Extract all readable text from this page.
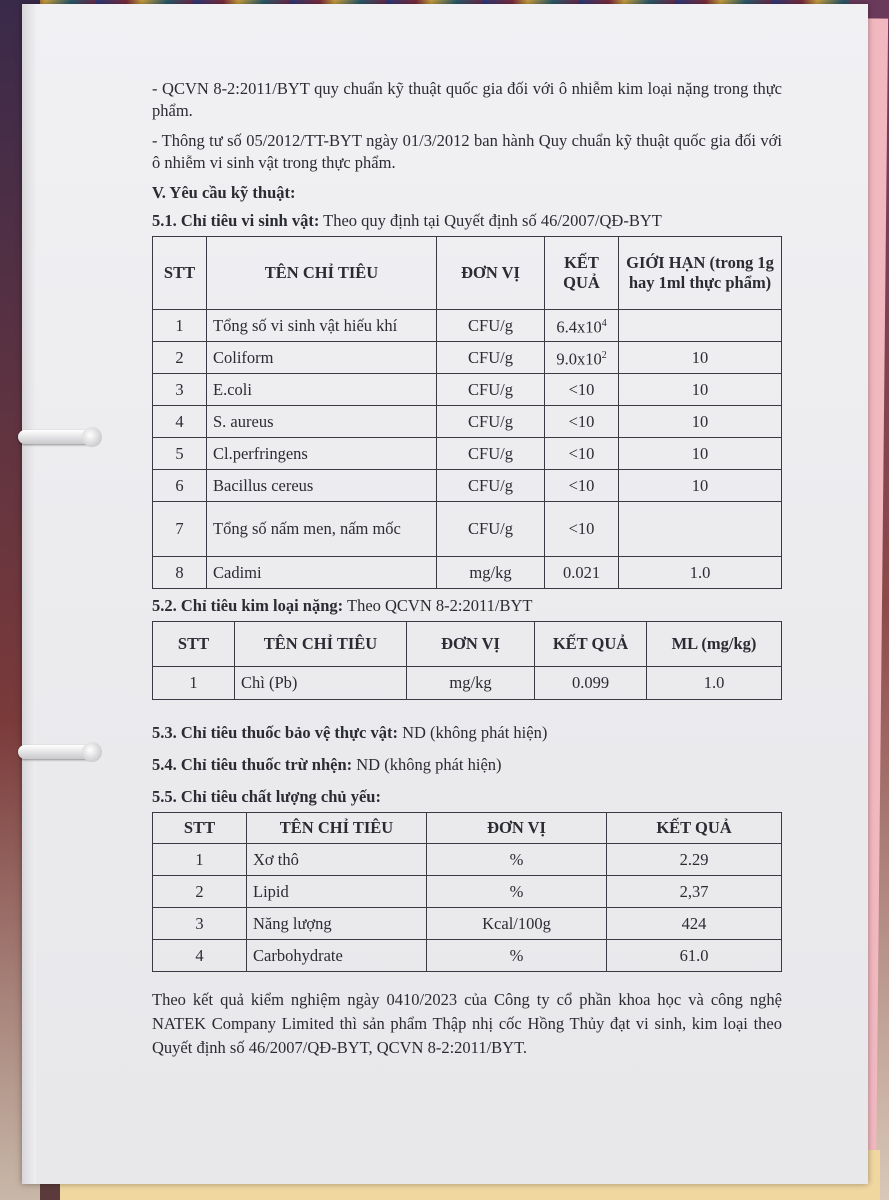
- QCVN 8-2:2011/BYT quy chuẩn kỹ thuật quốc gia đối với ô nhiễm kim loại nặng trong thực phẩm.

- Thông tư số 05/2012/TT-BYT ngày 01/3/2012 ban hành Quy chuẩn kỹ thuật quốc gia đối với ô nhiễm vi sinh vật trong thực phẩm.

V. Yêu cầu kỹ thuật:

5.1. Chỉ tiêu vi sinh vật: Theo quy định tại Quyết định số 46/2007/QĐ-BYT

STT	TÊN CHỈ TIÊU	ĐƠN VỊ	KẾT QUẢ	GIỚI HẠN (trong 1g hay 1ml thực phẩm)
1	Tổng số vi sinh vật hiếu khí	CFU/g	$6.4x10^4$	
2	Coliform	CFU/g	$9.0x10^2$	10
3	E.coli	CFU/g	<10	10
4	S. aureus	CFU/g	<10	10
5	Cl.perfringens	CFU/g	<10	10
6	Bacillus cereus	CFU/g	<10	10
7	Tổng số nấm men, nấm mốc	CFU/g	<10	
8	Cadimi	mg/kg	0.021	1.0

5.2. Chỉ tiêu kim loại nặng: Theo QCVN 8-2:2011/BYT

STT	TÊN CHỈ TIÊU	ĐƠN VỊ	KẾT QUẢ	ML (mg/kg)
1	Chì (Pb)	mg/kg	0.099	1.0

5.3. Chỉ tiêu thuốc bảo vệ thực vật: ND (không phát hiện)

5.4. Chỉ tiêu thuốc trừ nhện: ND (không phát hiện)

5.5. Chỉ tiêu chất lượng chủ yếu:

STT	TÊN CHỈ TIÊU	ĐƠN VỊ	KẾT QUẢ
1	Xơ thô	%	2.29
2	Lipid	%	2,37
3	Năng lượng	Kcal/100g	424
4	Carbohydrate	%	61.0

Theo kết quả kiểm nghiệm ngày 0410/2023 của Công ty cổ phần khoa học và công nghệ NATEK Company Limited thì sản phẩm Thập nhị cốc Hồng Thủy đạt vi sinh, kim loại theo Quyết định số 46/2007/QĐ-BYT, QCVN 8-2:2011/BYT.
